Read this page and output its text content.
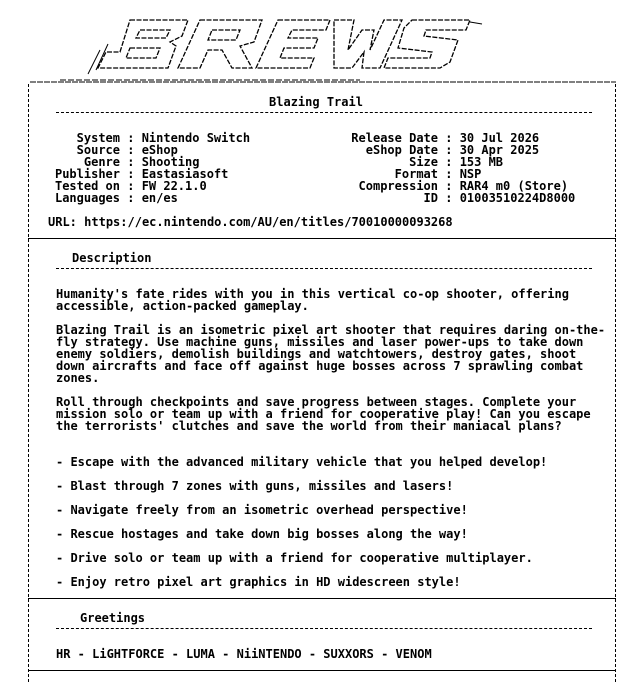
Blazing Trail
System : Nintendo Switch
Source : eShop
Genre : Shooting
Publisher : Eastasiasoft
Tested on : FW 22.1.0
Languages : en/es
Release Date : 30 Jul 2026
eShop Date : 30 Apr 2025
Size : 153 MB
Format : NSP
Compression : RAR4 m0 (Store)
ID : 01003510224D8000
URL: https://ec.nintendo.com/AU/en/titles/70010000093268
Description
Humanity's fate rides with you in this vertical co-op shooter, offering accessible, action-packed gameplay.
Blazing Trail is an isometric pixel art shooter that requires daring on-the-fly strategy. Use machine guns, missiles and laser power-ups to take down enemy soldiers, demolish buildings and watchtowers, destroy gates, shoot down aircrafts and face off against huge bosses across 7 sprawling combat zones.
Roll through checkpoints and save progress between stages. Complete your mission solo or team up with a friend for cooperative play! Can you escape the terrorists' clutches and save the world from their maniacal plans?
- Escape with the advanced military vehicle that you helped develop!
- Blast through 7 zones with guns, missiles and lasers!
- Navigate freely from an isometric overhead perspective!
- Rescue hostages and take down big bosses along the way!
- Drive solo or team up with a friend for cooperative multiplayer.
- Enjoy retro pixel art graphics in HD widescreen style!
Greetings
HR - LiGHTFORCE - LUMA - NiiNTENDO - SUXXORS - VENOM
